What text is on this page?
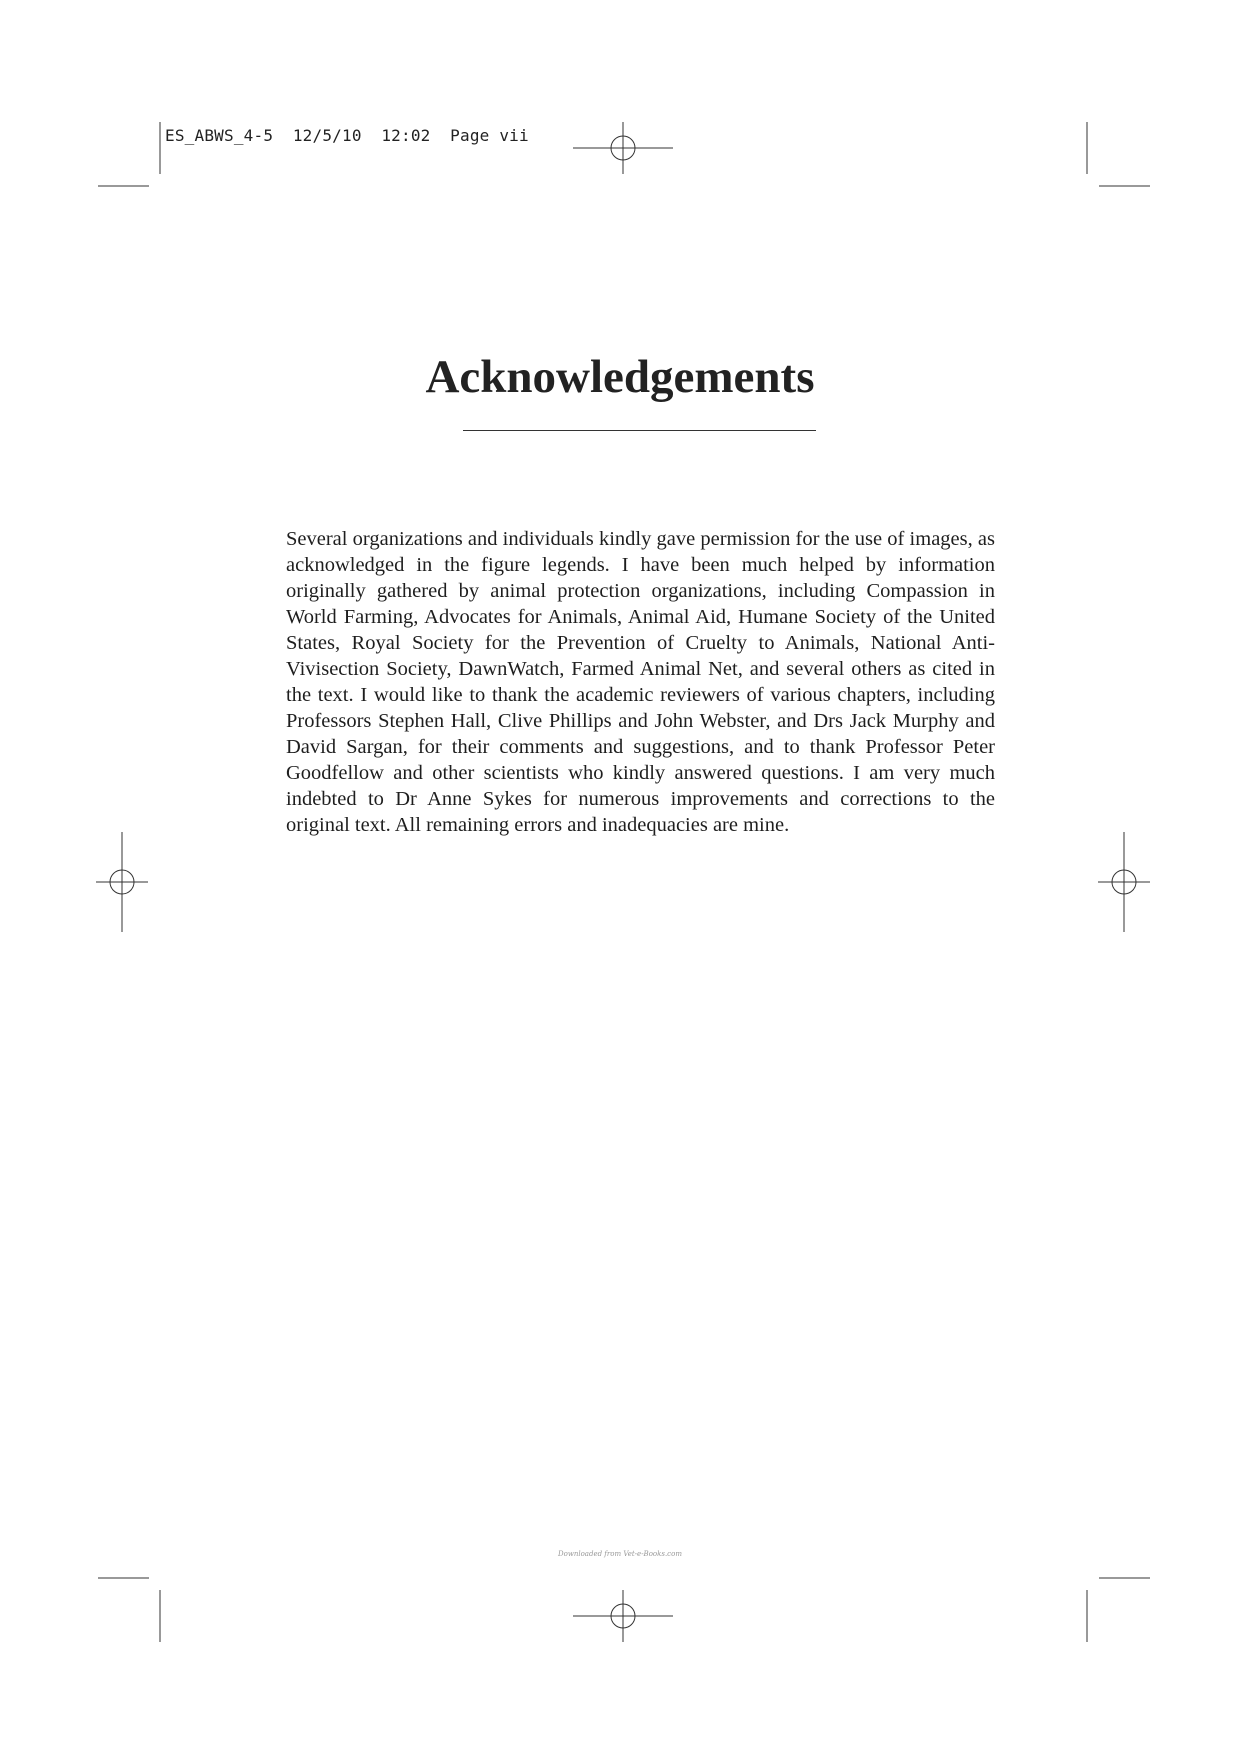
ES_ABWS_4-5  12/5/10  12:02  Page vii
Acknowledgements

Several organizations and individuals kindly gave permission for the use of images, as acknowledged in the figure legends. I have been much helped by information originally gathered by animal protection organizations, including Compassion in World Farming, Advocates for Animals, Animal Aid, Humane Society of the United States, Royal Society for the Prevention of Cruelty to Animals, National Anti-Vivisection Society, DawnWatch, Farmed Animal Net, and several others as cited in the text. I would like to thank the academic reviewers of various chapters, including Professors Stephen Hall, Clive Phillips and John Webster, and Drs Jack Murphy and David Sargan, for their comments and suggestions, and to thank Professor Peter Goodfellow and other scientists who kindly answered questions. I am very much indebted to Dr Anne Sykes for numerous improvements and corrections to the original text. All remaining errors and inadequacies are mine.

Downloaded from Vet-e-Books.com
